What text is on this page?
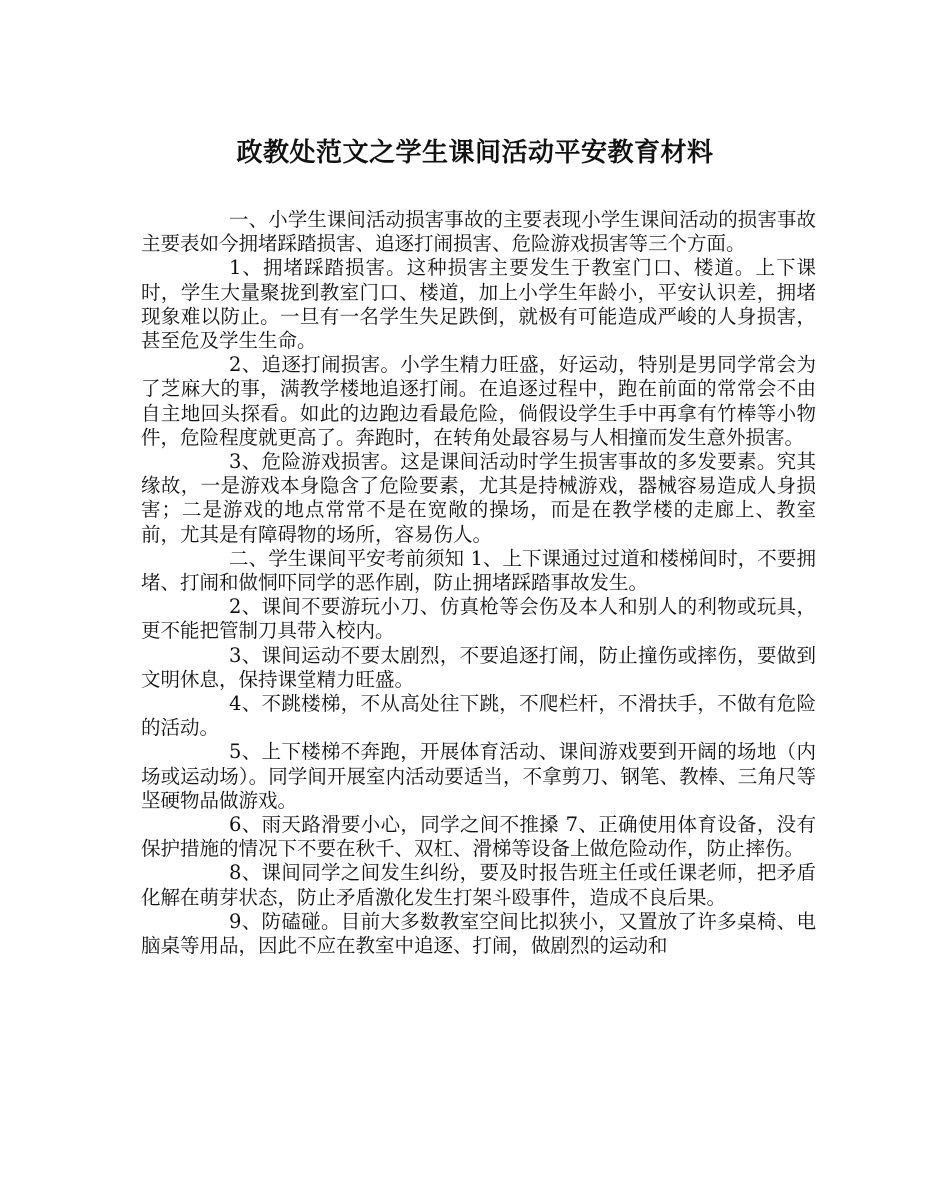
政教处范文之学生课间活动平安教育材料

一、小学生课间活动损害事故的主要表现小学生课间活动的损害事故主要表如今拥堵踩踏损害、追逐打闹损害、危险游戏损害等三个方面。

1、拥堵踩踏损害。这种损害主要发生于教室门口、楼道。上下课时，学生大量聚拢到教室门口、楼道，加上小学生年龄小，平安认识差，拥堵现象难以防止。一旦有一名学生失足跌倒，就极有可能造成严峻的人身损害，甚至危及学生生命。

2、追逐打闹损害。小学生精力旺盛，好运动，特别是男同学常会为了芝麻大的事，满教学楼地追逐打闹。在追逐过程中，跑在前面的常常会不由自主地回头探看。如此的边跑边看最危险，倘假设学生手中再拿有竹棒等小物件，危险程度就更高了。奔跑时，在转角处最容易与人相撞而发生意外损害。

3、危险游戏损害。这是课间活动时学生损害事故的多发要素。究其缘故，一是游戏本身隐含了危险要素，尤其是持械游戏，器械容易造成人身损害；二是游戏的地点常常不是在宽敞的操场，而是在教学楼的走廊上、教室前，尤其是有障碍物的场所，容易伤人。

二、学生课间平安考前须知 1、上下课通过过道和楼梯间时，不要拥堵、打闹和做恫吓同学的恶作剧，防止拥堵踩踏事故发生。

2、课间不要游玩小刀、仿真枪等会伤及本人和别人的利物或玩具，更不能把管制刀具带入校内。

3、课间运动不要太剧烈，不要追逐打闹，防止撞伤或摔伤，要做到文明休息，保持课堂精力旺盛。

4、不跳楼梯，不从高处往下跳，不爬栏杆，不滑扶手，不做有危险的活动。

5、上下楼梯不奔跑，开展体育活动、课间游戏要到开阔的场地（内场或运动场）。同学间开展室内活动要适当，不拿剪刀、钢笔、教棒、三角尺等坚硬物品做游戏。

6、雨天路滑要小心，同学之间不推搡 7、正确使用体育设备，没有保护措施的情况下不要在秋千、双杠、滑梯等设备上做危险动作，防止摔伤。

8、课间同学之间发生纠纷，要及时报告班主任或任课老师，把矛盾化解在萌芽状态，防止矛盾激化发生打架斗殴事件，造成不良后果。

9、防磕碰。目前大多数教室空间比拟狭小，又置放了许多桌椅、电脑桌等用品，因此不应在教室中追逐、打闹，做剧烈的运动和
